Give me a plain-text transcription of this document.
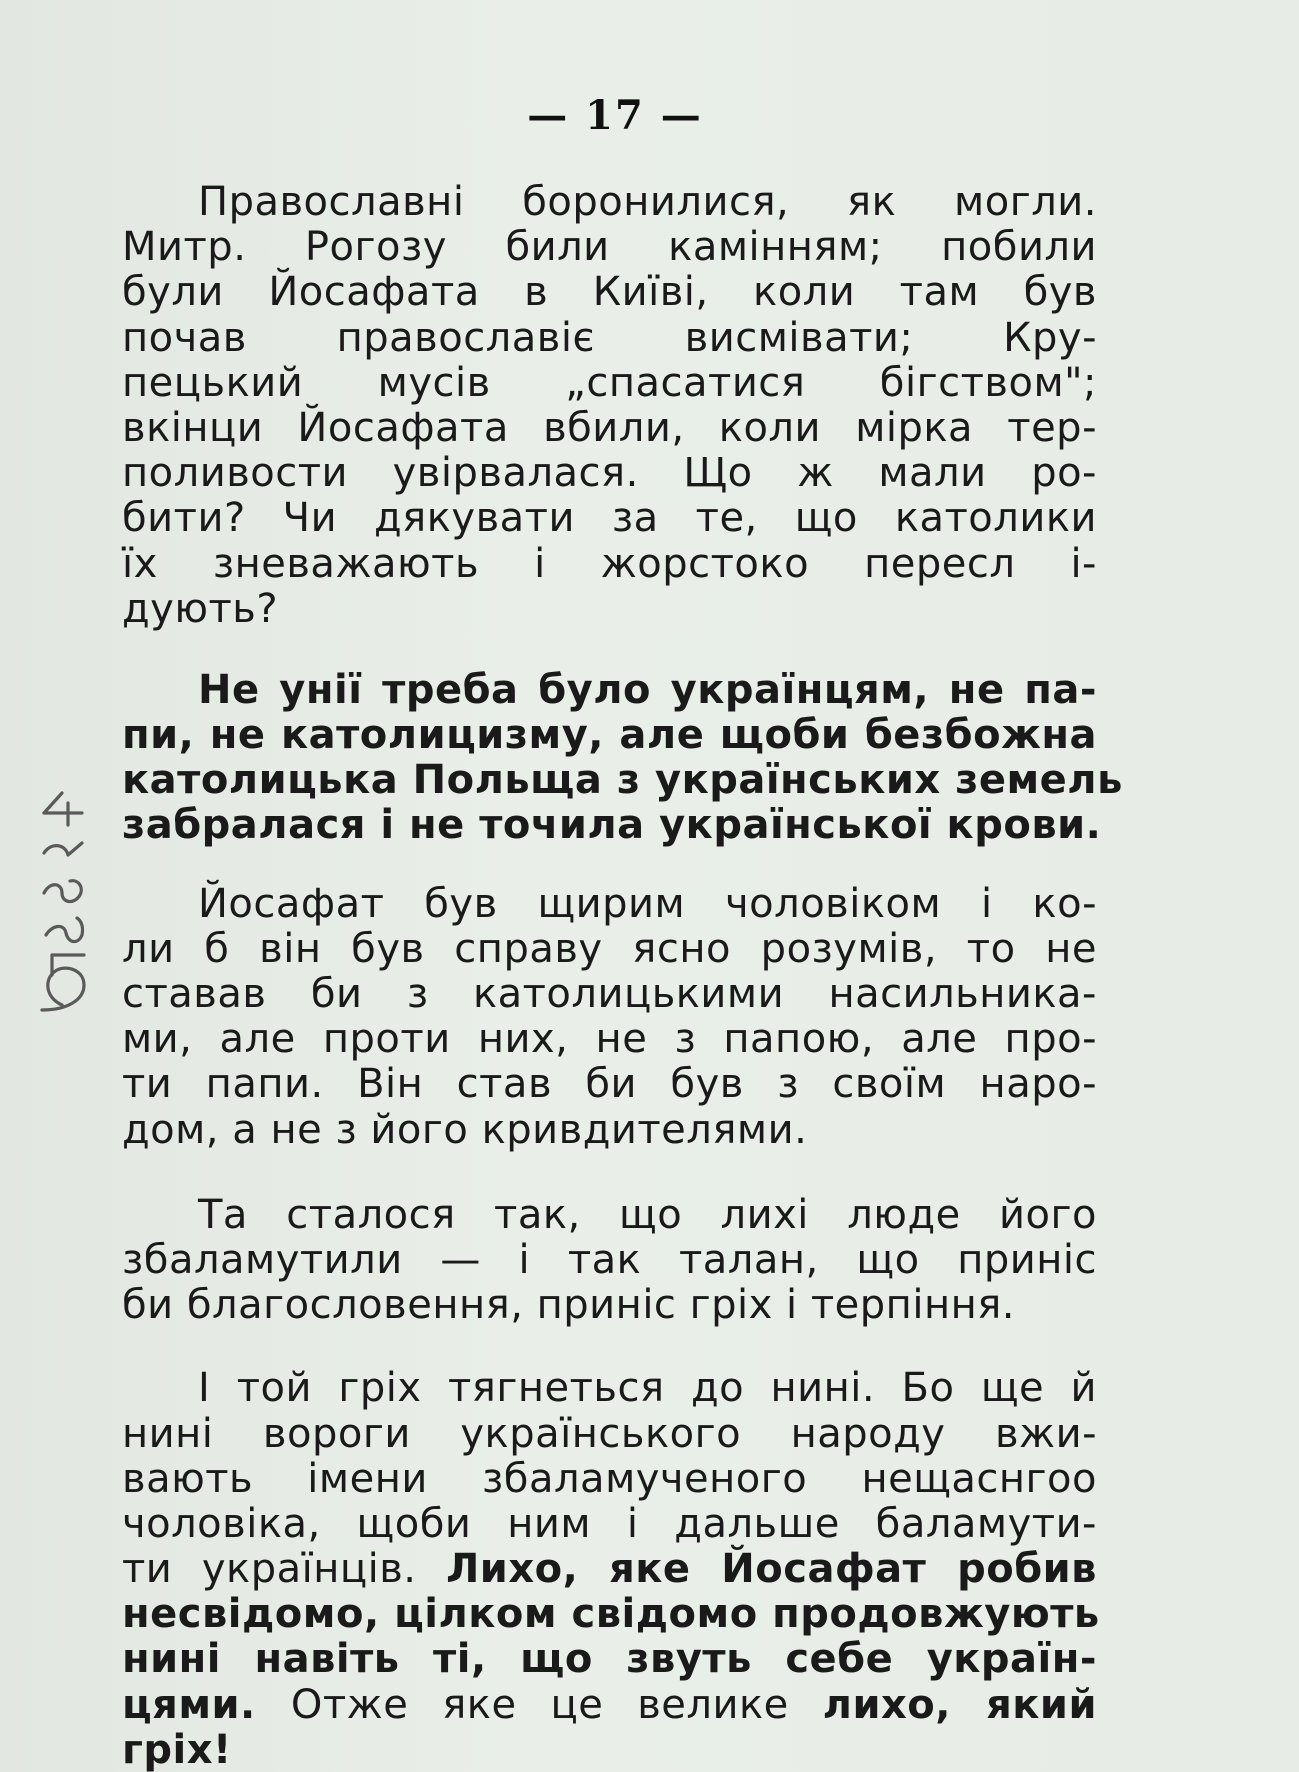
— 17 —
Православні боронилися, як могли.
Митр. Рогозу били камінням; побили
були Йосафата в Київі, коли там був
почав православіє висмівати; Кру-
пецький мусів „спасатися бігством";
вкінци Йосафата вбили, коли мірка тер-
поливости увірвалася. Що ж мали ро-
бити? Чи дякувати за те, що католики
їх зневажають і жорстоко пересл і-
дують?
Не унії треба було українцям, не па-
пи, не католицизму, але щоби безбожна
католицька Польща з українських земель
забралася і не точила української крови.
Йосафат був щирим чоловіком і ко-
ли б він був справу ясно розумів, то не
ставав би з католицькими насильника-
ми, але проти них, не з папою, але про-
ти папи. Він став би був з своїм наро-
дом, а не з його кривдителями.
Та сталося так, що лихі люде його
збаламутили — і так талан, що приніс
би благословення, приніс гріх і терпіння.
І той гріх тягнеться до нині. Бо ще й
нині вороги українського народу вжи-
вають імени збаламученого нещаснгоо
чоловіка, щоби ним і дальше баламути-
ти українців. Лихо, яке Йосафат робив
несвідомо, цілком свідомо продовжують
нині навіть ті, що звуть себе україн-
цями. Отже яке це велике лихо, який
гріх!
